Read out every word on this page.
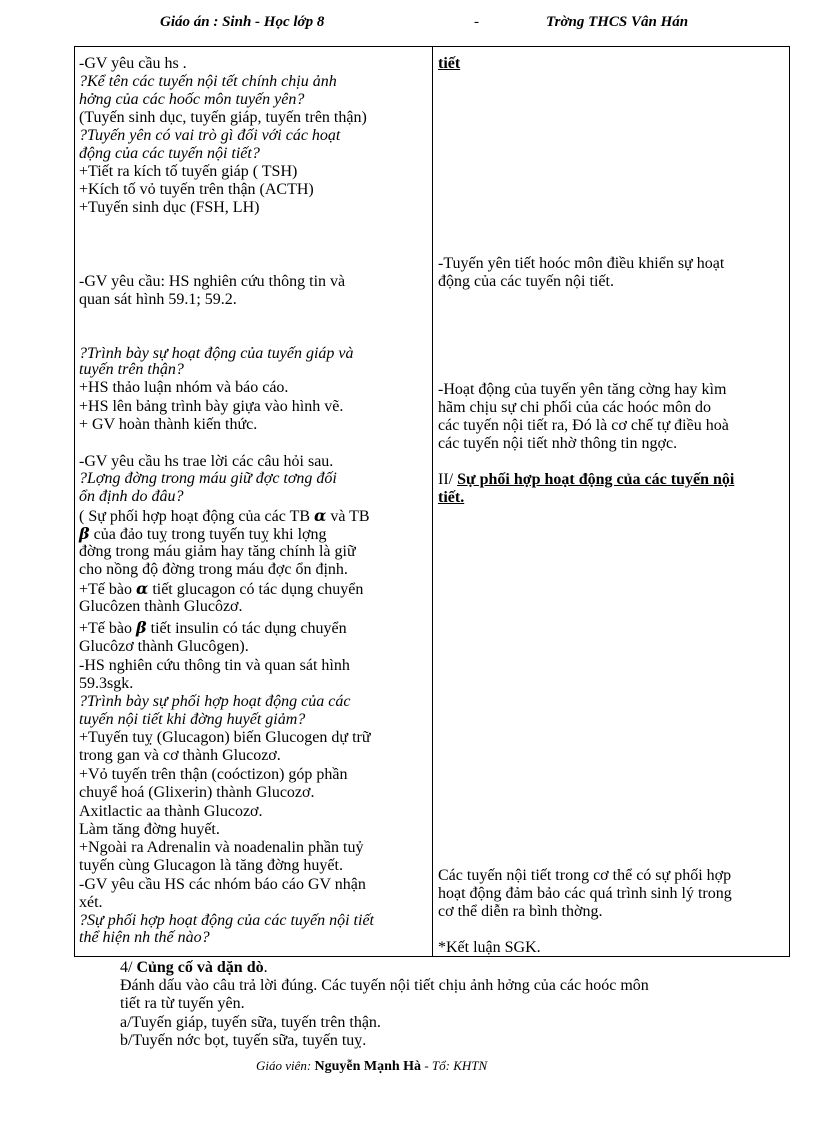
Giáo án : Sinh - Học lớp 8	-	Trờng THCS Vân Hán
-GV yêu cầu hs .
?Kể tên các tuyến nội tết chính chịu ảnh
hởng của các hoốc môn tuyến yên?
(Tuyến sinh dục, tuyến giáp, tuyến trên thận)
?Tuyến yên có vai trò gì đối với các hoạt
động của các tuyến nội tiết?
+Tiết ra kích tố tuyến giáp ( TSH)
+Kích tố vỏ tuyến trên thận (ACTH)
+Tuyến sinh dục (FSH, LH)
-GV yêu cầu: HS nghiên cứu thông tin và
quan sát hình 59.1; 59.2.
?Trình bày sự hoạt động của tuyến giáp và
tuyến trên thận?
+HS thảo luận nhóm và báo cáo.
+HS lên bảng trình bày giựa vào hình vẽ.
+ GV hoàn thành kiến thức.
-GV yêu cầu hs trae lời các câu hỏi sau.
?Lợng đờng trong máu giữ đợc tơng đối
ổn định do đâu?
( Sự phối hợp hoạt động của các TB α và TB
β của đảo tuỵ trong tuyến tuỵ khi lợng
đờng trong máu giảm hay tăng chính là giữ
cho nồng độ đờng trong máu đợc ổn định.
+Tế bào α tiết glucagon có tác dụng chuyển
Glucôzen thành Glucôzơ.
+Tế bào β tiết insulin có tác dụng chuyển
Glucôzơ thành Glucôgen).
-HS nghiên cứu thông tin và quan sát hình
59.3sgk.
?Trình bày sự phối hợp hoạt động của các
tuyến nội tiết khi đờng huyết giảm?
+Tuyến tuỵ (Glucagon) biến Glucogen dự trữ
trong gan và cơ thành Glucozơ.
+Vỏ tuyến trên thận (coóctizon) góp phần
chuyể hoá (Glixerin) thành Glucozơ.
Axitlactic aa thành Glucozơ.
Làm tăng đờng huyết.
+Ngoài ra Adrenalin và noadenalin phần tuỷ
tuyến cùng Glucagon là tăng đờng huyết.
-GV yêu cầu HS các nhóm báo cáo GV nhận
xét.
?Sự phối hợp hoạt động của các tuyến nội tiết
thể hiện nh thế nào?
tiết
-Tuyến yên tiết hoóc môn điều khiển sự hoạt
động của các tuyến nội tiết.
-Hoạt động của tuyến yên tăng cờng hay kìm
hãm chịu sự chi phối của các hoóc môn do
các tuyến nội tiết ra, Đó là cơ chế tự điều hoà
các tuyến nội tiết nhờ thông tin ngợc.
II/ Sự phối hợp hoạt động của các tuyến nội
tiết.
Các tuyến nội tiết trong cơ thể có sự phối hợp
hoạt động đảm bảo các quá trình sinh lý trong
cơ thể diễn ra bình thờng.
*Kết luận SGK.
4/ Củng cố và dặn dò.
Đánh dấu vào câu trả lời đúng. Các tuyến nội tiết chịu ảnh hởng của các hoóc môn
tiết ra từ tuyến yên.
a/Tuyến giáp, tuyến sữa, tuyến trên thận.
b/Tuyến nớc bọt, tuyến sữa, tuyến tuỵ.
Giáo viên: Nguyễn Mạnh Hà - Tổ: KHTN
